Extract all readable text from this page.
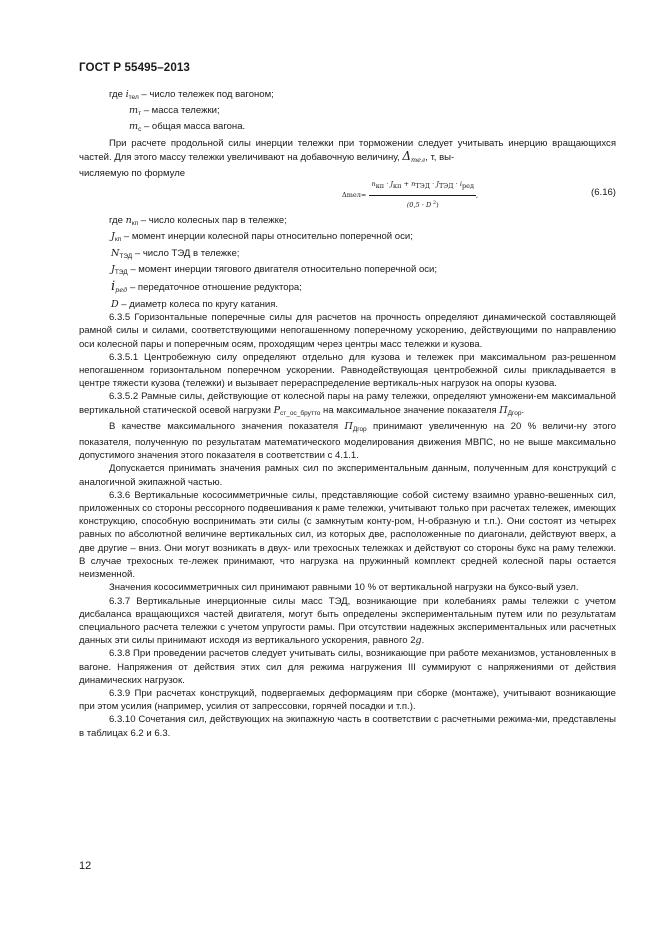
ГОСТ Р 55495–2013

где $i_{тел}$ – число тележек под вагоном;

$m_т$ – масса тележки;

$m_c$ – общая масса вагона.

При расчете продольной силы инерции тележки при торможении следует учитывать инерцию вращающихся частей. Для этого массу тележки увеличивают на добавочную величину, $\Delta_{mел}$, т, вы-

числяемую по формуле

Δ mел = $\frac{\text{nкп · Jкп + nТЭД · JТЭД · iред}}{(0,5 \cdot D ^2)}$ ,	(6.16)

где $n_{кп}$ – число колесных пар в тележке;

$J_{кп}$ – момент инерции колесной пары относительно поперечной оси;

$N_{ТЭД}$ – число ТЭД в тележке;

$J_{ТЭД}$ – момент инерции тягового двигателя относительно поперечной оси;

$i_{ред}$ – передаточное отношение редуктора;

D – диаметр колеса по кругу катания.

6.3.5 Горизонтальные поперечные силы для расчетов на прочность определяют динамической составляющей рамной силы и силами, соответствующими непогашенному поперечному ускорению, действующими по направлению оси колесной пары и поперечным осям, проходящим через центры масс тележки и кузова.

6.3.5.1 Центробежную силу определяют отдельно для кузова и тележек при максимальном раз-решенном непогашенном горизонтальном поперечном ускорении. Равнодействующая центробежной силы прикладывается в центре тяжести кузова (тележки) и вызывает перераспределение вертикаль-ных нагрузок на опоры кузова.

6.3.5.2 Рамные силы, действующие от колесной пары на раму тележки, определяют умножени-ем максимальной вертикальной статической осевой нагрузки $P_{ст\_ос\_брутто}$ на максимальное значение показателя $П_{Дгор}$.

В качестве максимального значения показателя $П_{Дгор}$ принимают увеличенную на 20 % величи-ну этого показателя, полученную по результатам математического моделирования движения МВПС, но не выше максимально допустимого значения этого показателя в соответствии с 4.1.1.

Допускается принимать значения рамных сил по экспериментальным данным, полученным для конструкций с аналогичной экипажной частью.

6.3.6 Вертикальные кососимметричные силы, представляющие собой систему взаимно уравно-вешенных сил, приложенных со стороны рессорного подвешивания к раме тележки, учитывают только при расчетах тележек, имеющих конструкцию, способную воспринимать эти силы (с замкнутым конту-ром, Н-образную и т.п.). Они состоят из четырех равных по абсолютной величине вертикальных сил, из которых две, расположенные по диагонали, действуют вверх, а две другие – вниз. Они могут возникать в двух- или трехосных тележках и действуют со стороны букс на раму тележки. В случае трехосных те-лежек принимают, что нагрузка на пружинный комплект средней колесной пары остается неизменной.

Значения кососимметричных сил принимают равными 10 % от вертикальной нагрузки на буксо-вый узел.

6.3.7 Вертикальные инерционные силы масс ТЭД, возникающие при колебаниях рамы тележки с учетом дисбаланса вращающихся частей двигателя, могут быть определены экспериментальным путем или по результатам специального расчета тележки с учетом упругости рамы. При отсутствии надежных экспериментальных или расчетных данных эти силы принимают исходя из вертикального ускорения, равного 2g.

6.3.8 При проведении расчетов следует учитывать силы, возникающие при работе механизмов, установленных в вагоне. Напряжения от действия этих сил для режима нагружения III суммируют с напряжениями от действия динамических нагрузок.

6.3.9 При расчетах конструкций, подвергаемых деформациям при сборке (монтаже), учитывают возникающие при этом усилия (например, усилия от запрессовки, горячей посадки и т.п.).

6.3.10 Сочетания сил, действующих на экипажную часть в соответствии с расчетными режима-ми, представлены в таблицах 6.2 и 6.3.

12
